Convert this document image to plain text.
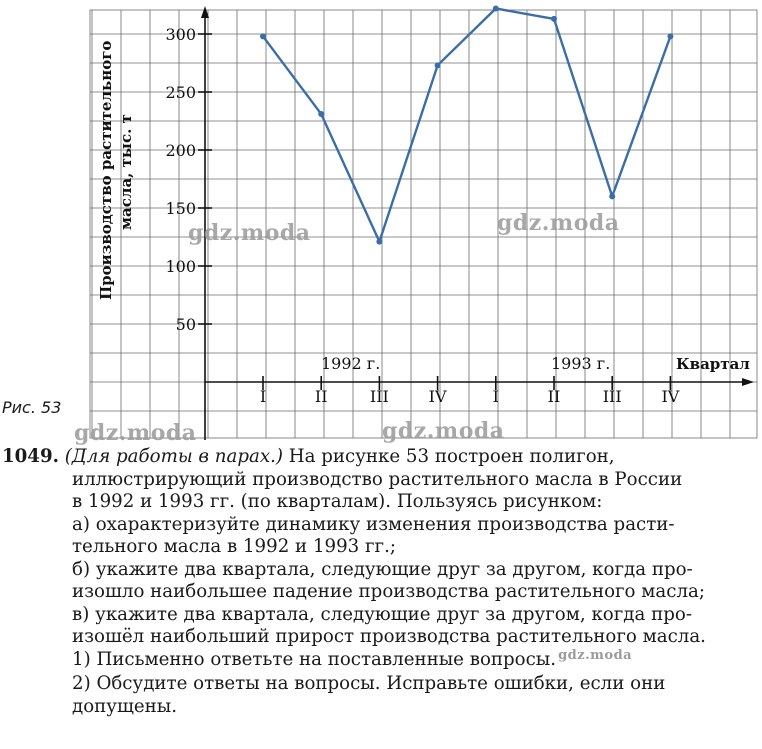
50
100
150
200
250
300
I	II	III IV	I	II	III IV
Производство растительного масла, тыс. т
Квартал
1992 г.	1993 г.
Рис. 53
gdz.moda	gdz.moda
gdz.moda	gdz.moda

1049. (Для работы в парах.) На рисунке 53 построен полигон,

иллюстрирующий производство растительного масла в России

в 1992 и 1993 гг. (по кварталам). Пользуясь рисунком:

а) охарактеризуйте динамику изменения производства расти-

тельного масла в 1992 и 1993 гг.;

б) укажите два квартала, следующие друг за другом, когда про-

изошло наибольшее падение производства растительного масла;

в) укажите два квартала, следующие друг за другом, когда про-

изошёл наибольший прирост производства растительного масла.

1) Письменно ответьте на поставленные вопросы. $^{gdz.moda}$

2) Обсудите ответы на вопросы. Исправьте ошибки, если они

допущены.
